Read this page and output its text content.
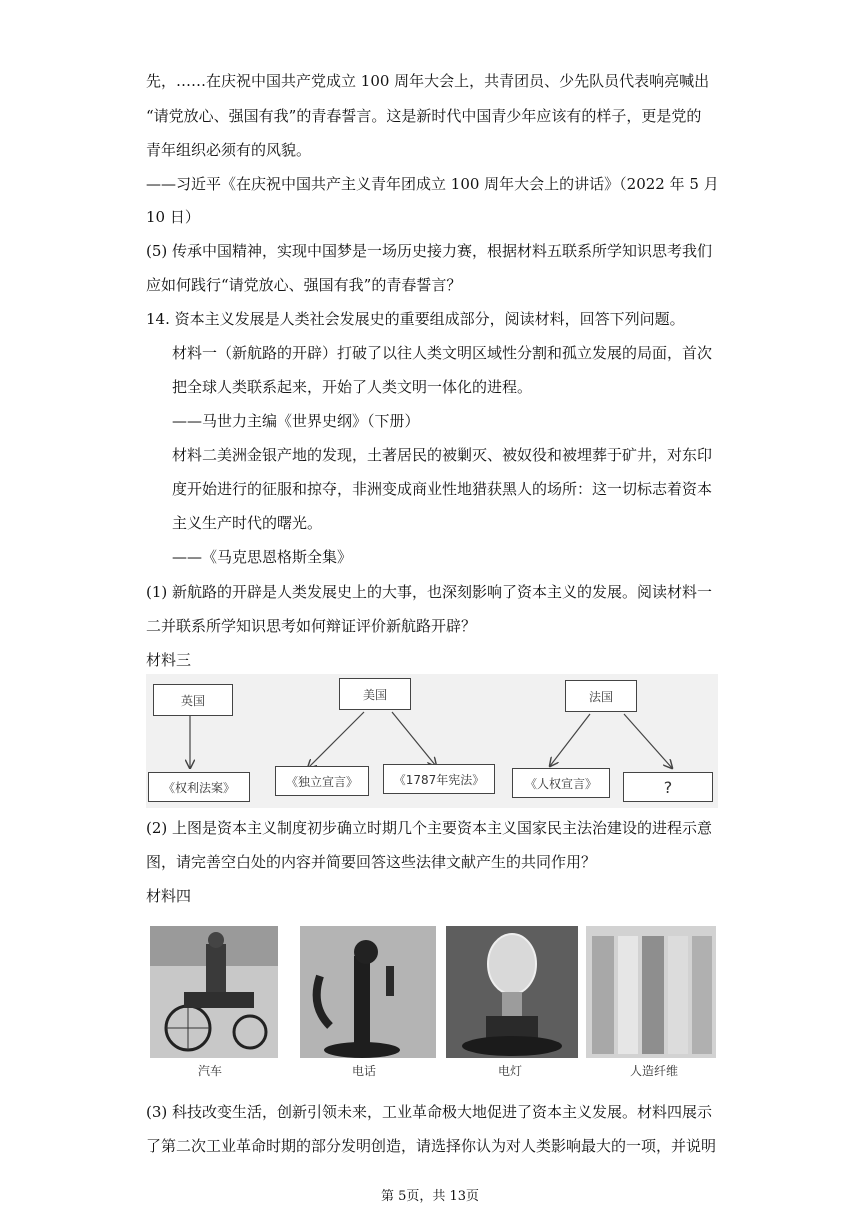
先，……在庆祝中国共产党成立 100 周年大会上，共青团员、少先队员代表响亮喊出
“请党放心、强国有我”的青春誓言。这是新时代中国青少年应该有的样子，更是党的
青年组织必须有的风貌。
——习近平《在庆祝中国共产主义青年团成立 100 周年大会上的讲话》（2022 年 5 月
10 日）
(5) 传承中国精神，实现中国梦是一场历史接力赛，根据材料五联系所学知识思考我们
应如何践行“请党放心、强国有我”的青春誓言？
14. 资本主义发展是人类社会发展史的重要组成部分，阅读材料，回答下列问题。
材料一（新航路的开辟）打破了以往人类文明区域性分割和孤立发展的局面，首次
把全球人类联系起来，开始了人类文明一体化的进程。
——马世力主编《世界史纲》（下册）
材料二美洲金银产地的发现，土著居民的被剿灭、被奴役和被埋葬于矿井，对东印
度开始进行的征服和掠夺，非洲变成商业性地猎获黑人的场所：这一切标志着资本
主义生产时代的曙光。
——《马克思恩格斯全集》
(1) 新航路的开辟是人类发展史上的大事，也深刻影响了资本主义的发展。阅读材料一
二并联系所学知识思考如何辩证评价新航路开辟？
材料三
英国	美国	法国
《权利法案》	《独立宣言》	《1787年宪法》	《人权宣言》	?
(2) 上图是资本主义制度初步确立时期几个主要资本主义国家民主法治建设的进程示意
图，请完善空白处的内容并简要回答这些法律文献产生的共同作用？
材料四
汽车	电话	电灯	人造纤维
(3) 科技改变生活，创新引领未来，工业革命极大地促进了资本主义发展。材料四展示
了第二次工业革命时期的部分发明创造，请选择你认为对人类影响最大的一项，并说明
第 5页，共 13页
